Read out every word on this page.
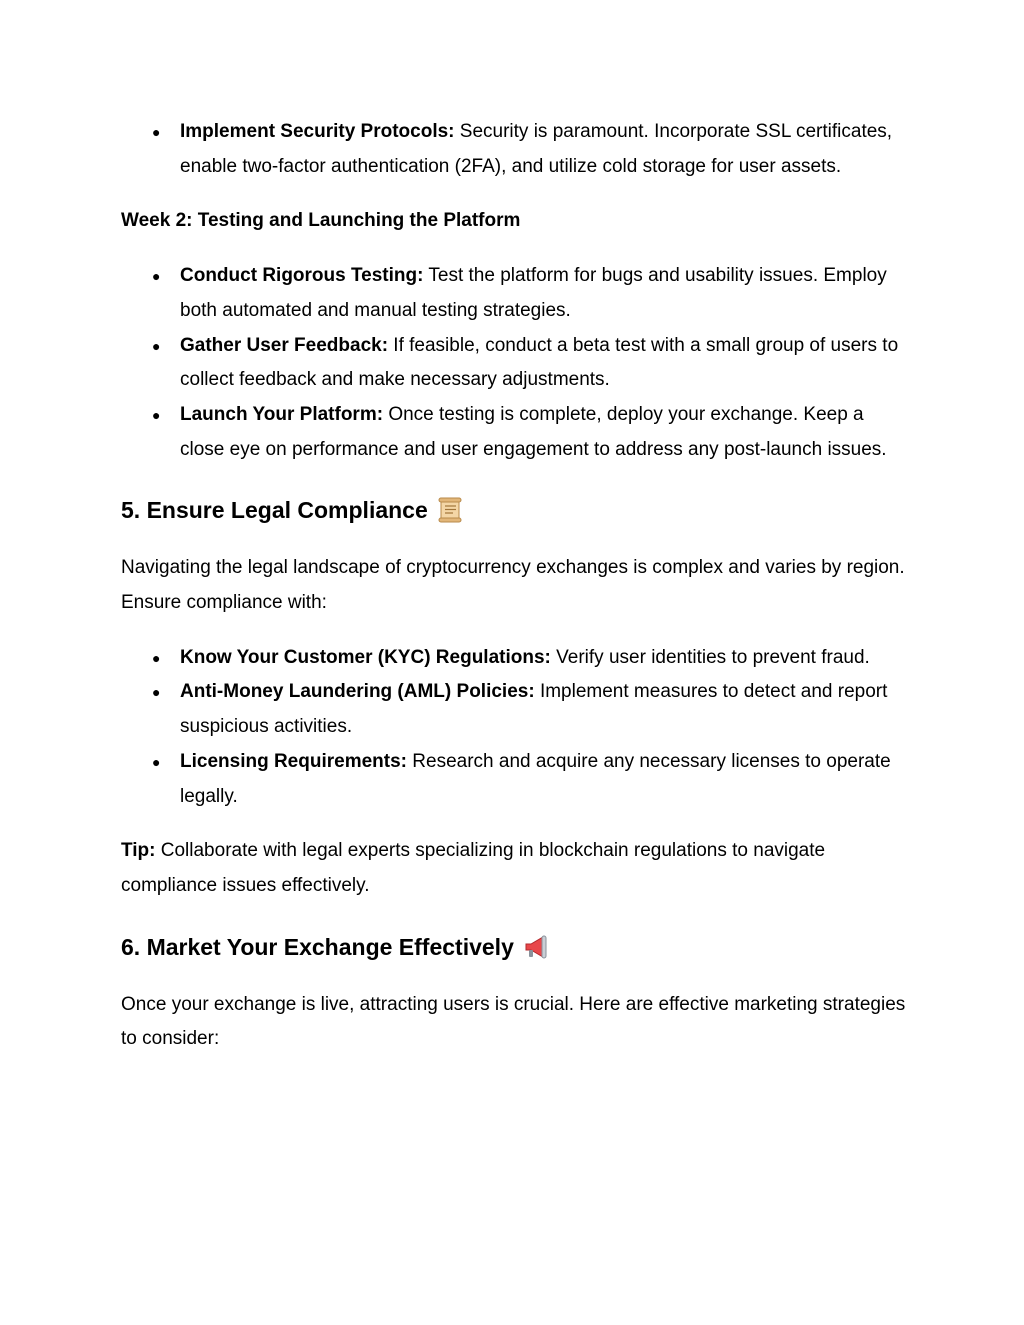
● Implement Security Protocols: Security is paramount. Incorporate SSL certificates, enable two-factor authentication (2FA), and utilize cold storage for user assets.

Week 2: Testing and Launching the Platform

● Conduct Rigorous Testing: Test the platform for bugs and usability issues. Employ both automated and manual testing strategies.
● Gather User Feedback: If feasible, conduct a beta test with a small group of users to collect feedback and make necessary adjustments.
● Launch Your Platform: Once testing is complete, deploy your exchange. Keep a close eye on performance and user engagement to address any post-launch issues.
5. Ensure Legal Compliance

Navigating the legal landscape of cryptocurrency exchanges is complex and varies by region. Ensure compliance with:

● Know Your Customer (KYC) Regulations: Verify user identities to prevent fraud.
● Anti-Money Laundering (AML) Policies: Implement measures to detect and report suspicious activities.
● Licensing Requirements: Research and acquire any necessary licenses to operate legally.

Tip: Collaborate with legal experts specializing in blockchain regulations to navigate compliance issues effectively.

6. Market Your Exchange Effectively

Once your exchange is live, attracting users is crucial. Here are effective marketing strategies to consider:
